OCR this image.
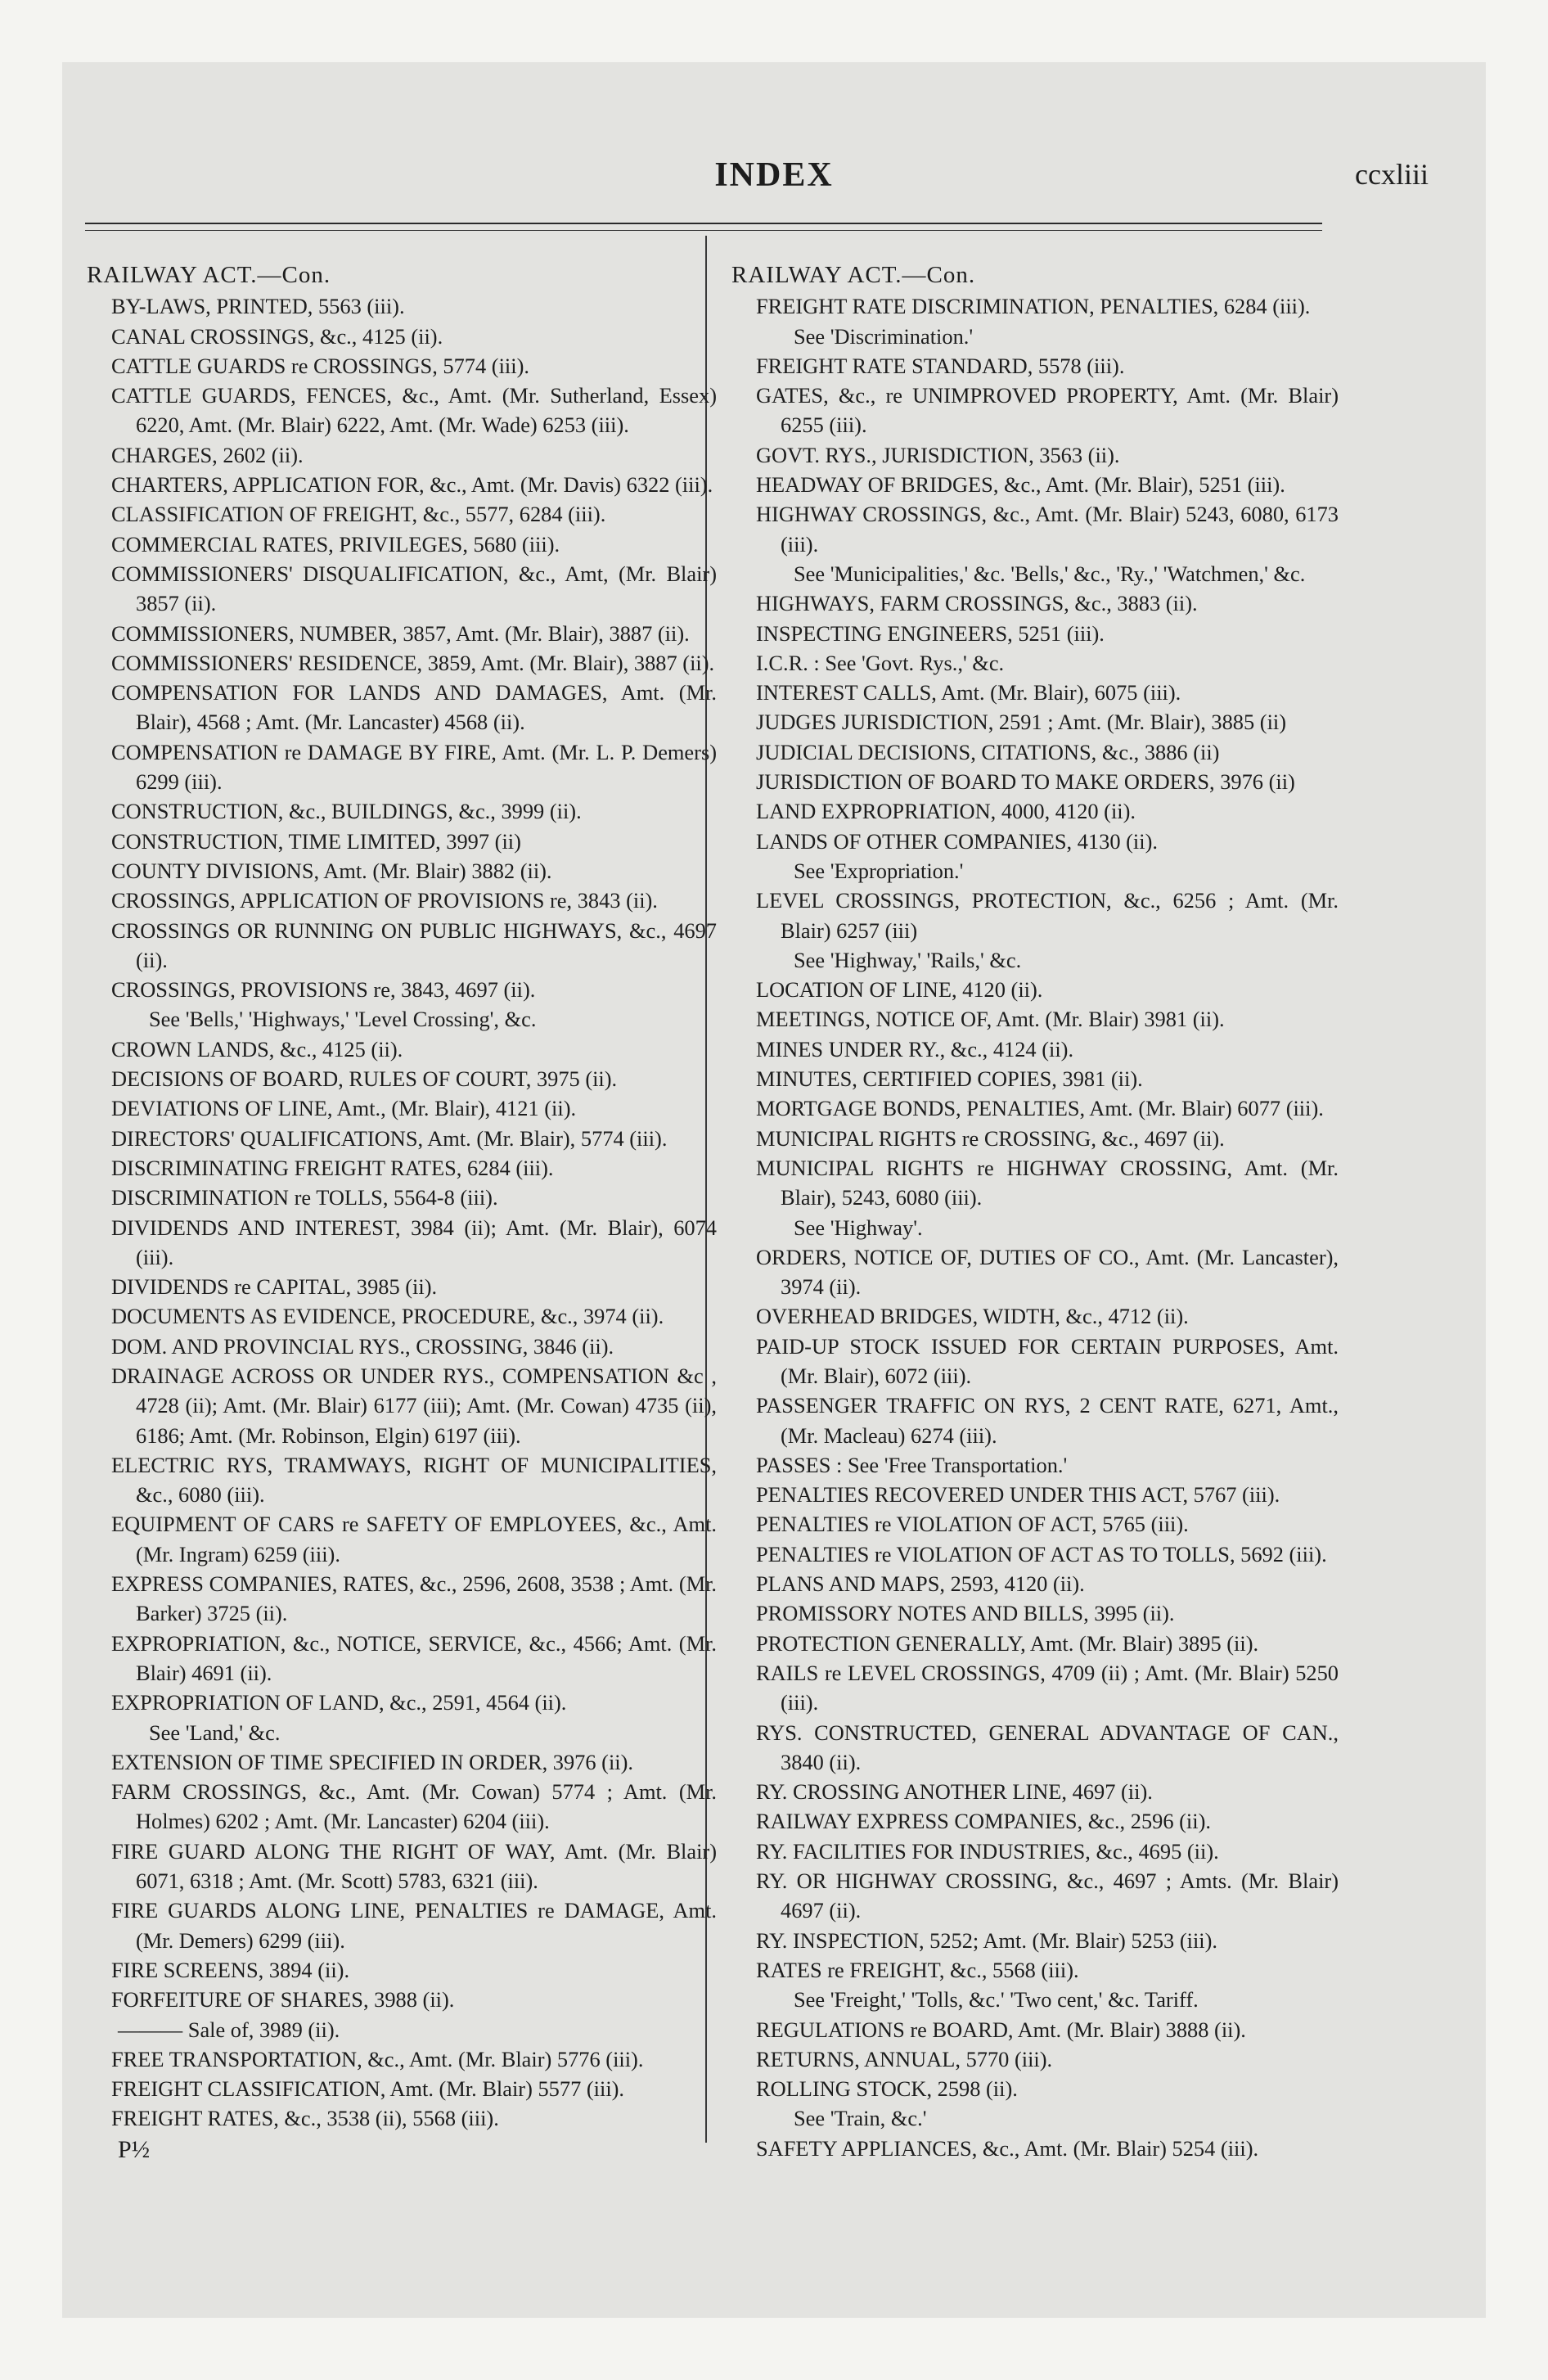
INDEX	ccxliii
RAILWAY ACT.—Con.

BY-LAWS, PRINTED, 5563 (iii).

CANAL CROSSINGS, &c., 4125 (ii).

CATTLE GUARDS re CROSSINGS, 5774 (iii).

CATTLE GUARDS, FENCES, &c., Amt. (Mr. Sutherland, Essex) 6220, Amt. (Mr. Blair) 6222, Amt. (Mr. Wade) 6253 (iii).

CHARGES, 2602 (ii).

CHARTERS, APPLICATION FOR, &c., Amt. (Mr. Davis) 6322 (iii).

CLASSIFICATION OF FREIGHT, &c., 5577, 6284 (iii).

COMMERCIAL RATES, PRIVILEGES, 5680 (iii).

COMMISSIONERS' DISQUALIFICATION, &c., Amt, (Mr. Blair) 3857 (ii).

COMMISSIONERS, NUMBER, 3857, Amt. (Mr. Blair), 3887 (ii).

COMMISSIONERS' RESIDENCE, 3859, Amt. (Mr. Blair), 3887 (ii).

COMPENSATION FOR LANDS AND DAMAGES, Amt. (Mr. Blair), 4568 ; Amt. (Mr. Lancaster) 4568 (ii).

COMPENSATION re DAMAGE BY FIRE, Amt. (Mr. L. P. Demers) 6299 (iii).

CONSTRUCTION, &c., BUILDINGS, &c., 3999 (ii).

CONSTRUCTION, TIME LIMITED, 3997 (ii)

COUNTY DIVISIONS, Amt. (Mr. Blair) 3882 (ii).

CROSSINGS, APPLICATION OF PROVISIONS re, 3843 (ii).

CROSSINGS OR RUNNING ON PUBLIC HIGHWAYS, &c., 4697 (ii).

CROSSINGS, PROVISIONS re, 3843, 4697 (ii).

See 'Bells,' 'Highways,' 'Level Crossing', &c.

CROWN LANDS, &c., 4125 (ii).

DECISIONS OF BOARD, RULES OF COURT, 3975 (ii).

DEVIATIONS OF LINE, Amt., (Mr. Blair), 4121 (ii).

DIRECTORS' QUALIFICATIONS, Amt. (Mr. Blair), 5774 (iii).

DISCRIMINATING FREIGHT RATES, 6284 (iii).

DISCRIMINATION re TOLLS, 5564-8 (iii).

DIVIDENDS AND INTEREST, 3984 (ii); Amt. (Mr. Blair), 6074 (iii).

DIVIDENDS re CAPITAL, 3985 (ii).

DOCUMENTS AS EVIDENCE, PROCEDURE, &c., 3974 (ii).

DOM. AND PROVINCIAL RYS., CROSSING, 3846 (ii).

DRAINAGE ACROSS OR UNDER RYS., COMPENSATION &c , 4728 (ii); Amt. (Mr. Blair) 6177 (iii); Amt. (Mr. Cowan) 4735 (ii), 6186; Amt. (Mr. Robinson, Elgin) 6197 (iii).

ELECTRIC RYS, TRAMWAYS, RIGHT OF MUNICIPALITIES, &c., 6080 (iii).

EQUIPMENT OF CARS re SAFETY OF EMPLOYEES, &c., Amt. (Mr. Ingram) 6259 (iii).

EXPRESS COMPANIES, RATES, &c., 2596, 2608, 3538 ; Amt. (Mr. Barker) 3725 (ii).

EXPROPRIATION, &c., NOTICE, SERVICE, &c., 4566; Amt. (Mr. Blair) 4691 (ii).

EXPROPRIATION OF LAND, &c., 2591, 4564 (ii).

See 'Land,' &c.

EXTENSION OF TIME SPECIFIED IN ORDER, 3976 (ii).

FARM CROSSINGS, &c., Amt. (Mr. Cowan) 5774 ; Amt. (Mr. Holmes) 6202 ; Amt. (Mr. Lancaster) 6204 (iii).

FIRE GUARD ALONG THE RIGHT OF WAY, Amt. (Mr. Blair) 6071, 6318 ; Amt. (Mr. Scott) 5783, 6321 (iii).

FIRE GUARDS ALONG LINE, PENALTIES re DAMAGE, Amt. (Mr. Demers) 6299 (iii).

FIRE SCREENS, 3894 (ii).

FORFEITURE OF SHARES, 3988 (ii).

——— Sale of, 3989 (ii).

FREE TRANSPORTATION, &c., Amt. (Mr. Blair) 5776 (iii).

FREIGHT CLASSIFICATION, Amt. (Mr. Blair) 5577 (iii).

FREIGHT RATES, &c., 3538 (ii), 5568 (iii).

P½
RAILWAY ACT.—Con.

FREIGHT RATE DISCRIMINATION, PENALTIES, 6284 (iii).

See 'Discrimination.'

FREIGHT RATE STANDARD, 5578 (iii).

GATES, &c., re UNIMPROVED PROPERTY, Amt. (Mr. Blair) 6255 (iii).

GOVT. RYS., JURISDICTION, 3563 (ii).

HEADWAY OF BRIDGES, &c., Amt. (Mr. Blair), 5251 (iii).

HIGHWAY CROSSINGS, &c., Amt. (Mr. Blair) 5243, 6080, 6173 (iii).

See 'Municipalities,' &c. 'Bells,' &c., 'Ry.,' 'Watchmen,' &c.

HIGHWAYS, FARM CROSSINGS, &c., 3883 (ii).

INSPECTING ENGINEERS, 5251 (iii).

I.C.R. : See 'Govt. Rys.,' &c.

INTEREST CALLS, Amt. (Mr. Blair), 6075 (iii).

JUDGES JURISDICTION, 2591 ; Amt. (Mr. Blair), 3885 (ii)

JUDICIAL DECISIONS, CITATIONS, &c., 3886 (ii)

JURISDICTION OF BOARD TO MAKE ORDERS, 3976 (ii)

LAND EXPROPRIATION, 4000, 4120 (ii).

LANDS OF OTHER COMPANIES, 4130 (ii).

See 'Expropriation.'

LEVEL CROSSINGS, PROTECTION, &c., 6256 ; Amt. (Mr. Blair) 6257 (iii)

See 'Highway,' 'Rails,' &c.

LOCATION OF LINE, 4120 (ii).

MEETINGS, NOTICE OF, Amt. (Mr. Blair) 3981 (ii).

MINES UNDER RY., &c., 4124 (ii).

MINUTES, CERTIFIED COPIES, 3981 (ii).

MORTGAGE BONDS, PENALTIES, Amt. (Mr. Blair) 6077 (iii).

MUNICIPAL RIGHTS re CROSSING, &c., 4697 (ii).

MUNICIPAL RIGHTS re HIGHWAY CROSSING, Amt. (Mr. Blair), 5243, 6080 (iii).

See 'Highway'.

ORDERS, NOTICE OF, DUTIES OF CO., Amt. (Mr. Lancaster), 3974 (ii).

OVERHEAD BRIDGES, WIDTH, &c., 4712 (ii).

PAID-UP STOCK ISSUED FOR CERTAIN PURPOSES, Amt. (Mr. Blair), 6072 (iii).

PASSENGER TRAFFIC ON RYS, 2 CENT RATE, 6271, Amt., (Mr. Macleau) 6274 (iii).

PASSES : See 'Free Transportation.'

PENALTIES RECOVERED UNDER THIS ACT, 5767 (iii).

PENALTIES re VIOLATION OF ACT, 5765 (iii).

PENALTIES re VIOLATION OF ACT AS TO TOLLS, 5692 (iii).

PLANS AND MAPS, 2593, 4120 (ii).

PROMISSORY NOTES AND BILLS, 3995 (ii).

PROTECTION GENERALLY, Amt. (Mr. Blair) 3895 (ii).

RAILS re LEVEL CROSSINGS, 4709 (ii) ; Amt. (Mr. Blair) 5250 (iii).

RYS. CONSTRUCTED, GENERAL ADVANTAGE OF CAN., 3840 (ii).

RY. CROSSING ANOTHER LINE, 4697 (ii).

RAILWAY EXPRESS COMPANIES, &c., 2596 (ii).

RY. FACILITIES FOR INDUSTRIES, &c., 4695 (ii).

RY. OR HIGHWAY CROSSING, &c., 4697 ; Amts. (Mr. Blair) 4697 (ii).

RY. INSPECTION, 5252; Amt. (Mr. Blair) 5253 (iii).

RATES re FREIGHT, &c., 5568 (iii).

See 'Freight,' 'Tolls, &c.' 'Two cent,' &c. Tariff.

REGULATIONS re BOARD, Amt. (Mr. Blair) 3888 (ii).

RETURNS, ANNUAL, 5770 (iii).

ROLLING STOCK, 2598 (ii).

See 'Train, &c.'

SAFETY APPLIANCES, &c., Amt. (Mr. Blair) 5254 (iii).
